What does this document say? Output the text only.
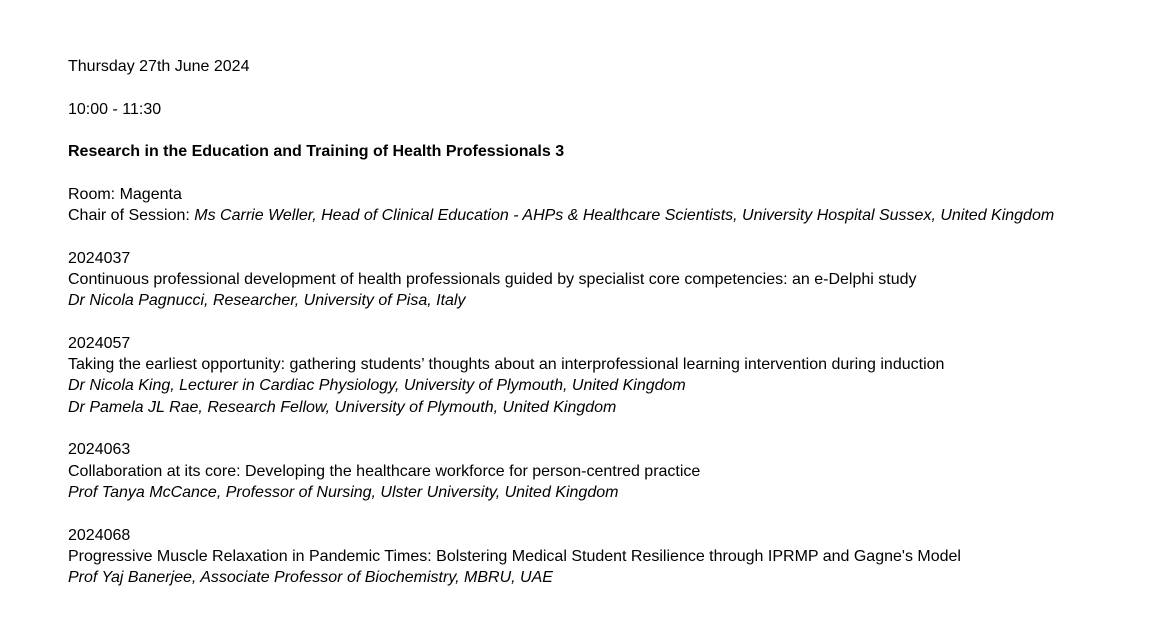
Thursday 27th June 2024
10:00 - 11:30
Research in the Education and Training of Health Professionals 3
Room: Magenta
Chair of Session: Ms Carrie Weller, Head of Clinical Education - AHPs & Healthcare Scientists, University Hospital Sussex, United Kingdom
2024037
Continuous professional development of health professionals guided by specialist core competencies: an e-Delphi study
Dr Nicola Pagnucci, Researcher, University of Pisa, Italy
2024057
Taking the earliest opportunity: gathering students’ thoughts about an interprofessional learning intervention during induction
Dr Nicola King, Lecturer in Cardiac Physiology, University of Plymouth, United Kingdom
Dr Pamela JL Rae, Research Fellow, University of Plymouth, United Kingdom
2024063
Collaboration at its core: Developing the healthcare workforce for person-centred practice
Prof Tanya McCance, Professor of Nursing, Ulster University, United Kingdom
2024068
Progressive Muscle Relaxation in Pandemic Times: Bolstering Medical Student Resilience through IPRMP and Gagne's Model
Prof Yaj Banerjee, Associate Professor of Biochemistry, MBRU, UAE
